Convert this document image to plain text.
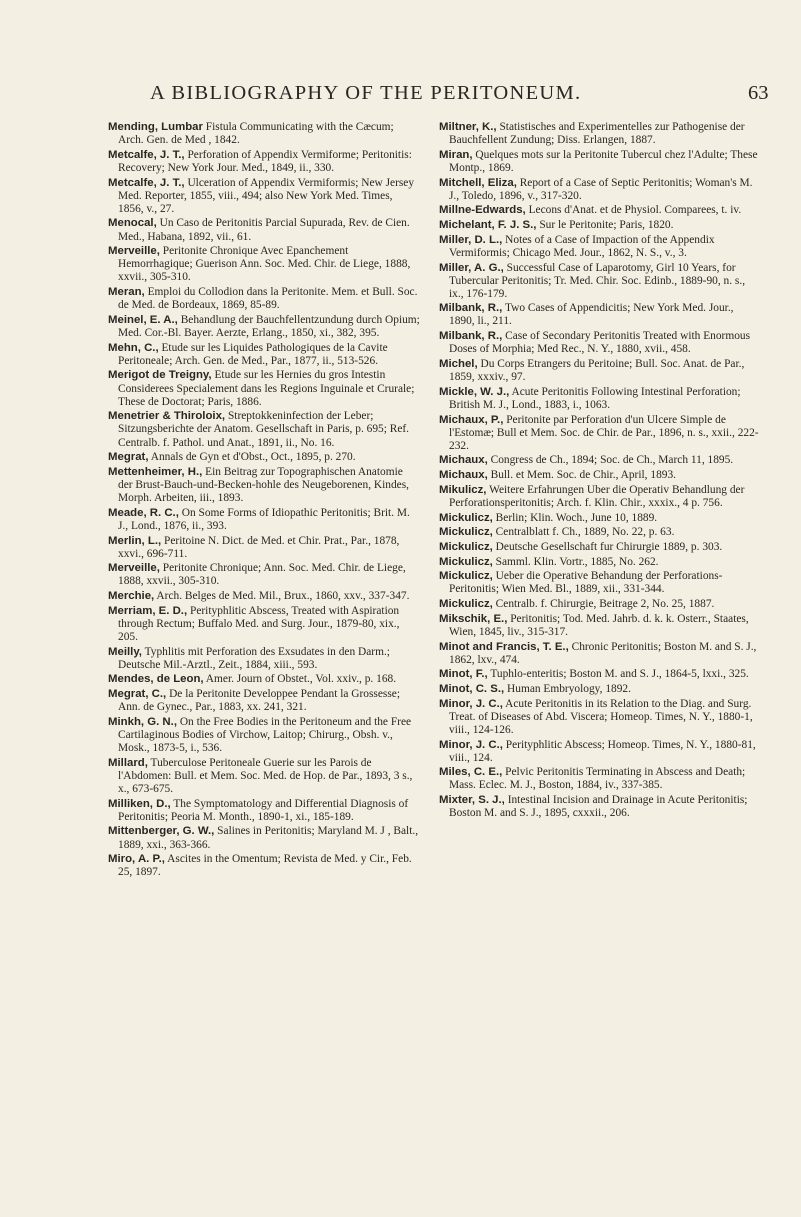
A BIBLIOGRAPHY OF THE PERITONEUM.	63

Mending, Lumbar Fistula Communicating with the Cæcum; Arch. Gen. de Med , 1842.

Metcalfe, J. T., Perforation of Appendix Vermiforme; Peritonitis: Recovery; New York Jour. Med., 1849, ii., 330.

Metcalfe, J. T., Ulceration of Appendix Vermiformis; New Jersey Med. Reporter, 1855, viii., 494; also New York Med. Times, 1856, v., 27.

Menocal, Un Caso de Peritonitis Parcial Supurada, Rev. de Cien. Med., Habana, 1892, vii., 61.

Merveille, Peritonite Chronique Avec Epanchement Hemorrhagique; Guerison Ann. Soc. Med. Chir. de Liege, 1888, xxvii., 305-310.

Meran, Emploi du Collodion dans la Peritonite. Mem. et Bull. Soc. de Med. de Bordeaux, 1869, 85-89.

Meinel, E. A., Behandlung der Bauchfellentzundung durch Opium; Med. Cor.-Bl. Bayer. Aerzte, Erlang., 1850, xi., 382, 395.

Mehn, C., Etude sur les Liquides Pathologiques de la Cavite Peritoneale; Arch. Gen. de Med., Par., 1877, ii., 513-526.

Merigot de Treigny, Etude sur les Hernies du gros Intestin Considerees Specialement dans les Regions Inguinale et Crurale; These de Doctorat; Paris, 1886.

Menetrier & Thiroloix, Streptokkeninfection der Leber; Sitzungsberichte der Anatom. Gesellschaft in Paris, p. 695; Ref. Centralb. f. Pathol. und Anat., 1891, ii., No. 16.

Megrat, Annals de Gyn et d'Obst., Oct., 1895, p. 270.

Mettenheimer, H., Ein Beitrag zur Topographischen Anatomie der Brust-Bauch-und-Becken-hohle des Neugeborenen, Kindes, Morph. Arbeiten, iii., 1893.

Meade, R. C., On Some Forms of Idiopathic Peritonitis; Brit. M. J., Lond., 1876, ii., 393.

Merlin, L., Peritoine N. Dict. de Med. et Chir. Prat., Par., 1878, xxvi., 696-711.

Merveille, Peritonite Chronique; Ann. Soc. Med. Chir. de Liege, 1888, xxvii., 305-310.

Merchie, Arch. Belges de Med. Mil., Brux., 1860, xxv., 337-347.

Merriam, E. D., Perityphlitic Abscess, Treated with Aspiration through Rectum; Buffalo Med. and Surg. Jour., 1879-80, xix., 205.

Meilly, Typhlitis mit Perforation des Exsudates in den Darm.; Deutsche Mil.-Arztl., Zeit., 1884, xiii., 593.

Mendes, de Leon, Amer. Journ of Obstet., Vol. xxiv., p. 168.

Megrat, C., De la Peritonite Developpee Pendant la Grossesse; Ann. de Gynec., Par., 1883, xx. 241, 321.

Minkh, G. N., On the Free Bodies in the Peritoneum and the Free Cartilaginous Bodies of Virchow, Laitop; Chirurg., Obsh. v., Mosk., 1873-5, i., 536.

Millard, Tuberculose Peritoneale Guerie sur les Parois de l'Abdomen: Bull. et Mem. Soc. Med. de Hop. de Par., 1893, 3 s., x., 673-675.

Milliken, D., The Symptomatology and Differential Diagnosis of Peritonitis; Peoria M. Month., 1890-1, xi., 185-189.

Mittenberger, G. W., Salines in Peritonitis; Maryland M. J , Balt., 1889, xxi., 363-366.

Miro, A. P., Ascites in the Omentum; Revista de Med. y Cir., Feb. 25, 1897.

Miltner, K., Statistisches and Experimentelles zur Pathogenise der Bauchfellent Zundung; Diss. Erlangen, 1887.

Miran, Quelques mots sur la Peritonite Tubercul chez l'Adulte; These Montp., 1869.

Mitchell, Eliza, Report of a Case of Septic Peritonitis; Woman's M. J., Toledo, 1896, v., 317-320.

Millne-Edwards, Lecons d'Anat. et de Physiol. Comparees, t. iv.

Michelant, F. J. S., Sur le Peritonite; Paris, 1820.

Miller, D. L., Notes of a Case of Impaction of the Appendix Vermiformis; Chicago Med. Jour., 1862, N. S., v., 3.

Miller, A. G., Successful Case of Laparotomy, Girl 10 Years, for Tubercular Peritonitis; Tr. Med. Chir. Soc. Edinb., 1889-90, n. s., ix., 176-179.

Milbank, R., Two Cases of Appendicitis; New York Med. Jour., 1890, li., 211.

Milbank, R., Case of Secondary Peritonitis Treated with Enormous Doses of Morphia; Med Rec., N. Y., 1880, xvii., 458.

Michel, Du Corps Etrangers du Peritoine; Bull. Soc. Anat. de Par., 1859, xxxiv., 97.

Mickle, W. J., Acute Peritonitis Following Intestinal Perforation; British M. J., Lond., 1883, i., 1063.

Michaux, P., Peritonite par Perforation d'un Ulcere Simple de l'Estomæ; Bull et Mem. Soc. de Chir. de Par., 1896, n. s., xxii., 222-232.

Michaux, Congress de Ch., 1894; Soc. de Ch., March 11, 1895.

Michaux, Bull. et Mem. Soc. de Chir., April, 1893.

Mikulicz, Weitere Erfahrungen Uber die Operativ Behandlung der Perforationsperitonitis; Arch. f. Klin. Chir., xxxix., 4 p. 756.

Mickulicz, Berlin; Klin. Woch., June 10, 1889.

Mickulicz, Centralblatt f. Ch., 1889, No. 22, p. 63.

Mickulicz, Deutsche Gesellschaft fur Chirurgie 1889, p. 303.

Mickulicz, Samml. Klin. Vortr., 1885, No. 262.

Mickulicz, Ueber die Operative Behandung der Perforations-Peritonitis; Wien Med. Bl., 1889, xii., 331-344.

Mickulicz, Centralb. f. Chirurgie, Beitrage 2, No. 25, 1887.

Mikschik, E., Peritonitis; Tod. Med. Jahrb. d. k. k. Osterr., Staates, Wien, 1845, liv., 315-317.

Minot and Francis, T. E., Chronic Peritonitis; Boston M. and S. J., 1862, lxv., 474.

Minot, F., Tuphlo-enteritis; Boston M. and S. J., 1864-5, lxxi., 325.

Minot, C. S., Human Embryology, 1892.

Minor, J. C., Acute Peritonitis in its Relation to the Diag. and Surg. Treat. of Diseases of Abd. Viscera; Homeop. Times, N. Y., 1880-1, viii., 124-126.

Minor, J. C., Perityphlitic Abscess; Homeop. Times, N. Y., 1880-81, viii., 124.

Miles, C. E., Pelvic Peritonitis Terminating in Abscess and Death; Mass. Eclec. M. J., Boston, 1884, iv., 337-385.

Mixter, S. J., Intestinal Incision and Drainage in Acute Peritonitis; Boston M. and S. J., 1895, cxxxii., 206.
